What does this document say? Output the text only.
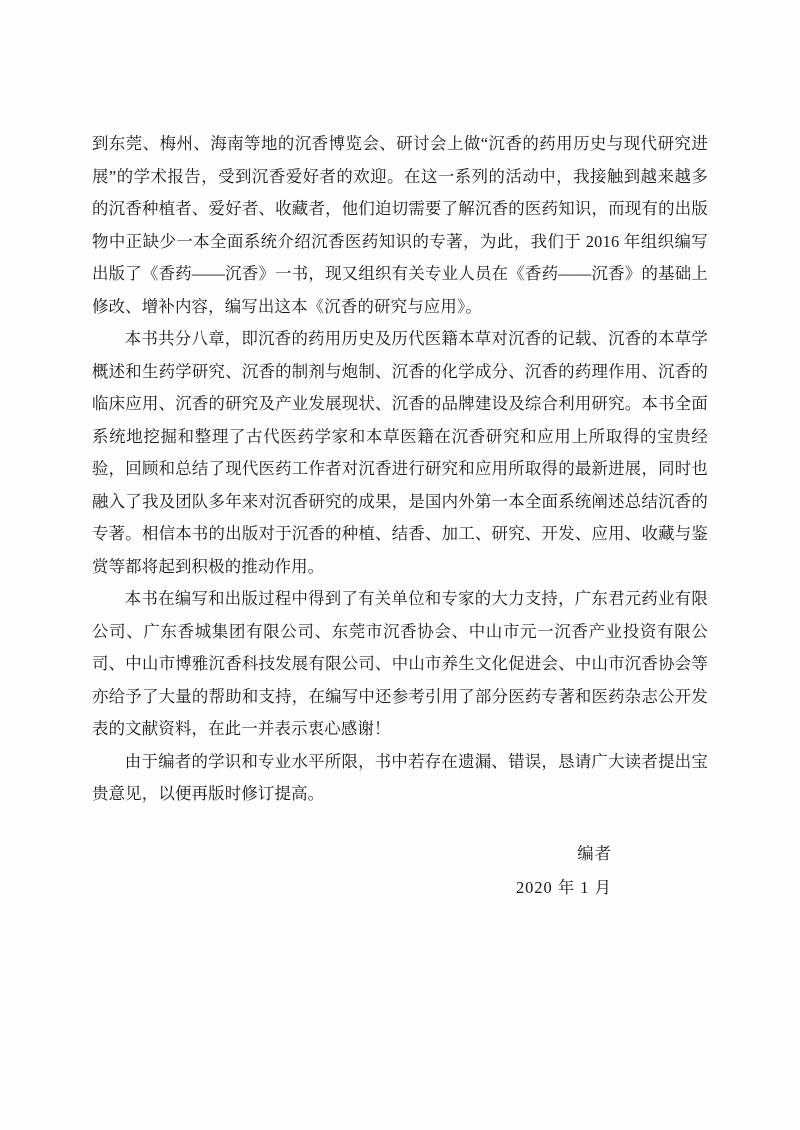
到东莞、梅州、海南等地的沉香博览会、研讨会上做“沉香的药用历史与现代研究进展”的学术报告，受到沉香爱好者的欢迎。在这一系列的活动中，我接触到越来越多的沉香种植者、爱好者、收藏者，他们迫切需要了解沉香的医药知识，而现有的出版物中正缺少一本全面系统介绍沉香医药知识的专著，为此，我们于 2016 年组织编写出版了《香药——沉香》一书，现又组织有关专业人员在《香药——沉香》的基础上修改、增补内容，编写出这本《沉香的研究与应用》。

本书共分八章，即沉香的药用历史及历代医籍本草对沉香的记载、沉香的本草学概述和生药学研究、沉香的制剂与炮制、沉香的化学成分、沉香的药理作用、沉香的临床应用、沉香的研究及产业发展现状、沉香的品牌建设及综合利用研究。本书全面系统地挖掘和整理了古代医药学家和本草医籍在沉香研究和应用上所取得的宝贵经验，回顾和总结了现代医药工作者对沉香进行研究和应用所取得的最新进展，同时也融入了我及团队多年来对沉香研究的成果，是国内外第一本全面系统阐述总结沉香的专著。相信本书的出版对于沉香的种植、结香、加工、研究、开发、应用、收藏与鉴赏等都将起到积极的推动作用。

本书在编写和出版过程中得到了有关单位和专家的大力支持，广东君元药业有限公司、广东香城集团有限公司、东莞市沉香协会、中山市元一沉香产业投资有限公司、中山市博雅沉香科技发展有限公司、中山市养生文化促进会、中山市沉香协会等亦给予了大量的帮助和支持，在编写中还参考引用了部分医药专著和医药杂志公开发表的文献资料，在此一并表示衷心感谢！

由于编者的学识和专业水平所限，书中若存在遗漏、错误，恳请广大读者提出宝贵意见，以便再版时修订提高。

编者
2020 年 1 月
